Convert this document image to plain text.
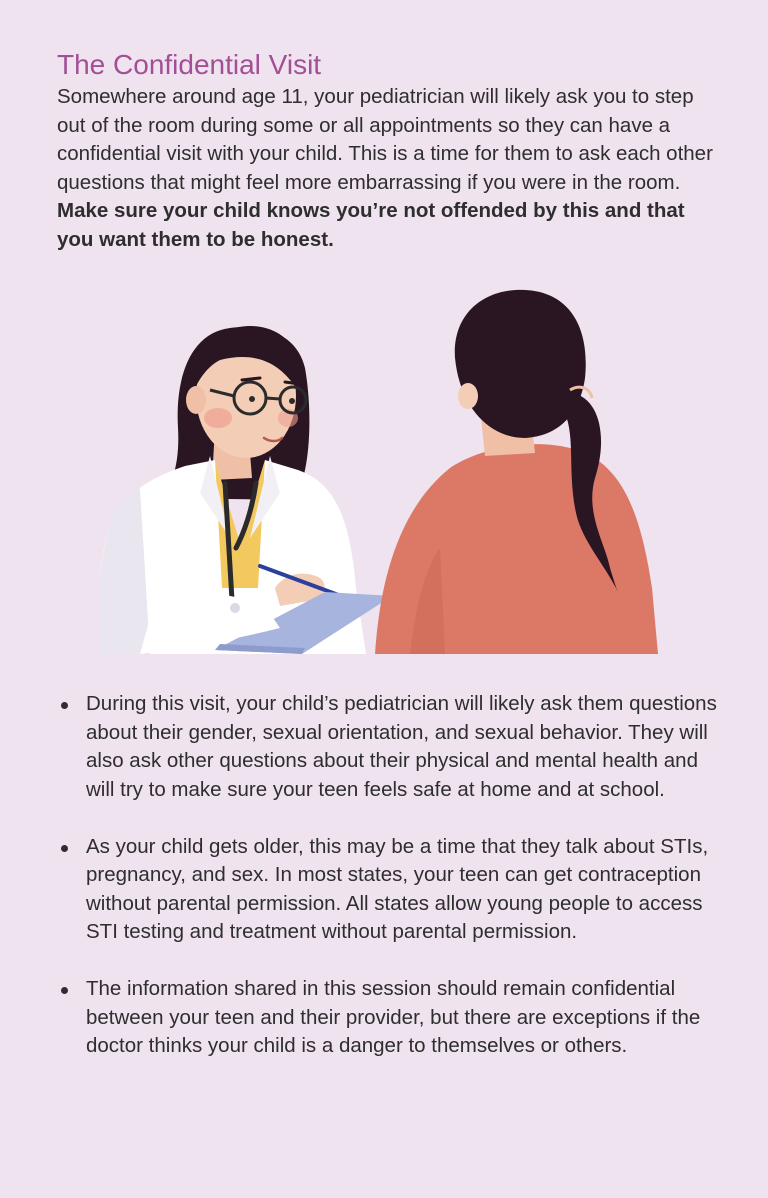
The Confidential Visit

Somewhere around age 11, your pediatrician will likely ask you to step out of the room during some or all appointments so they can have a confidential visit with your child. This is a time for them to ask each other questions that might feel more embarrassing if you were in the room. Make sure your child knows you’re not offended by this and that you want them to be honest.

During this visit, your child’s pediatrician will likely ask them questions about their gender, sexual orientation, and sexual behavior. They will also ask other questions about their physical and mental health and will try to make sure your teen feels safe at home and at school.
As your child gets older, this may be a time that they talk about STIs, pregnancy, and sex. In most states, your teen can get contraception without parental permission. All states allow young people to access STI testing and treatment without parental permission.
The information shared in this session should remain confidential between your teen and their provider, but there are exceptions if the doctor thinks your child is a danger to themselves or others.
